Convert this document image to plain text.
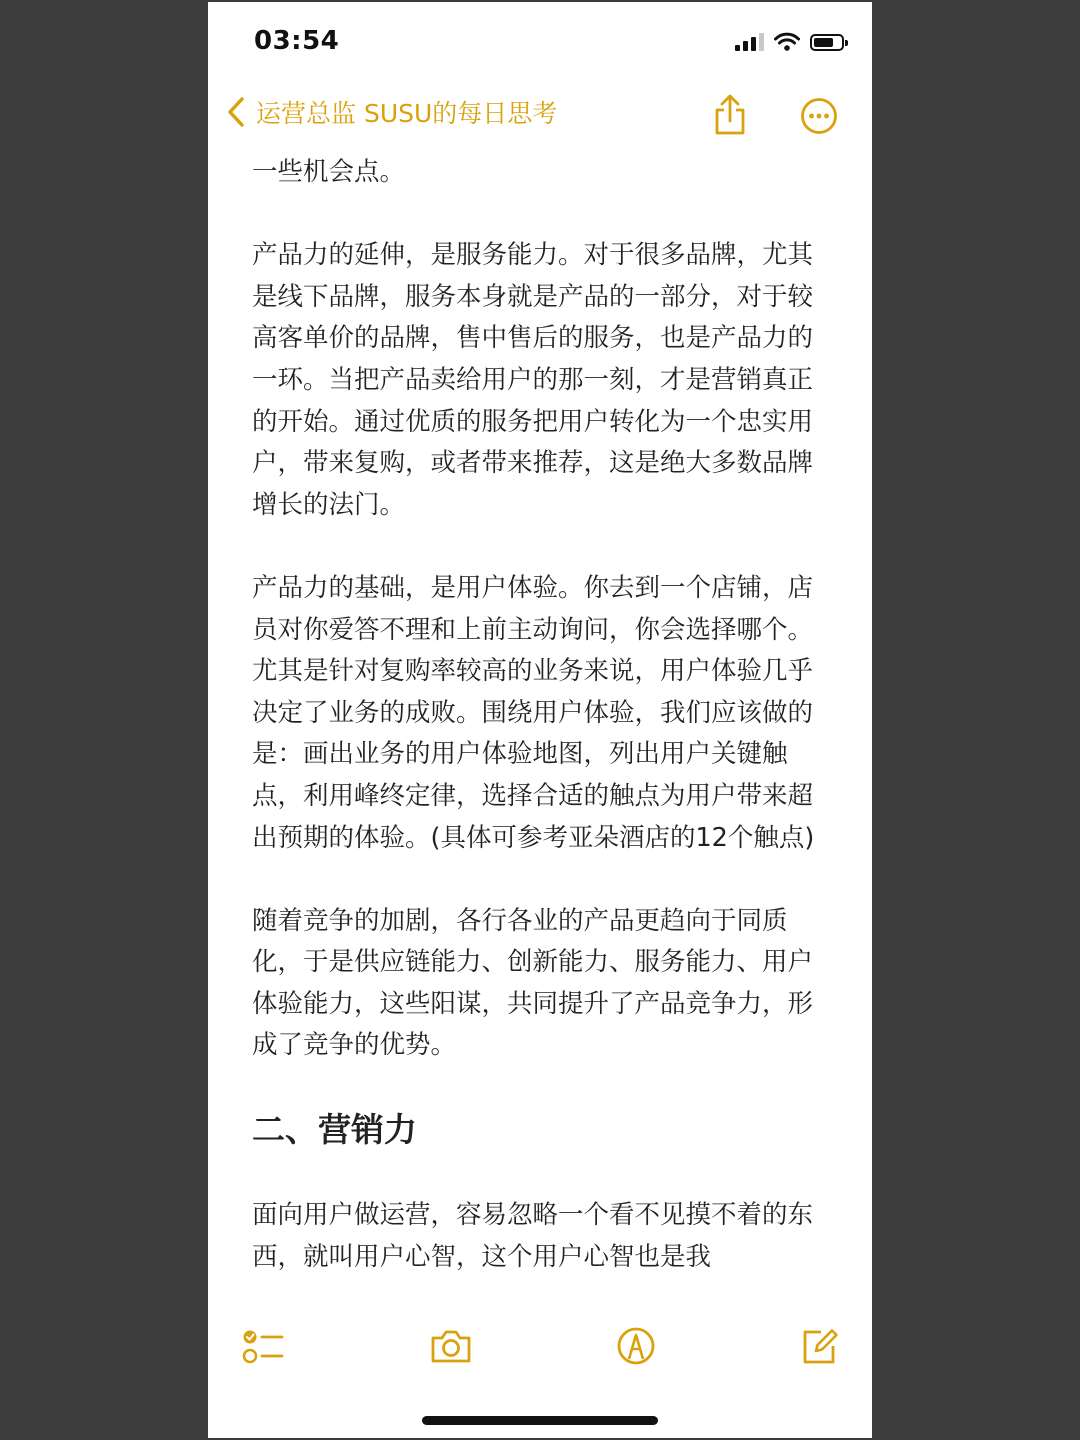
03:54
运营总监 SUSU的每日思考

一些机会点。

产品力的延伸，是服务能力。对于很多品牌，尤其是线下品牌，服务本身就是产品的一部分，对于较高客单价的品牌，售中售后的服务，也是产品力的一环。当把产品卖给用户的那一刻，才是营销真正的开始。通过优质的服务把用户转化为一个忠实用户，带来复购，或者带来推荐，这是绝大多数品牌增长的法门。

产品力的基础，是用户体验。你去到一个店铺，店员对你爱答不理和上前主动询问，你会选择哪个。尤其是针对复购率较高的业务来说，用户体验几乎决定了业务的成败。围绕用户体验，我们应该做的是：画出业务的用户体验地图，列出用户关键触点，利用峰终定律，选择合适的触点为用户带来超出预期的体验。(具体可参考亚朵酒店的12个触点)

随着竞争的加剧，各行各业的产品更趋向于同质化，于是供应链能力、创新能力、服务能力、用户体验能力，这些阳谋，共同提升了产品竞争力，形成了竞争的优势。

二、营销力

面向用户做运营，容易忽略一个看不见摸不着的东西，就叫用户心智，这个用户心智也是我
